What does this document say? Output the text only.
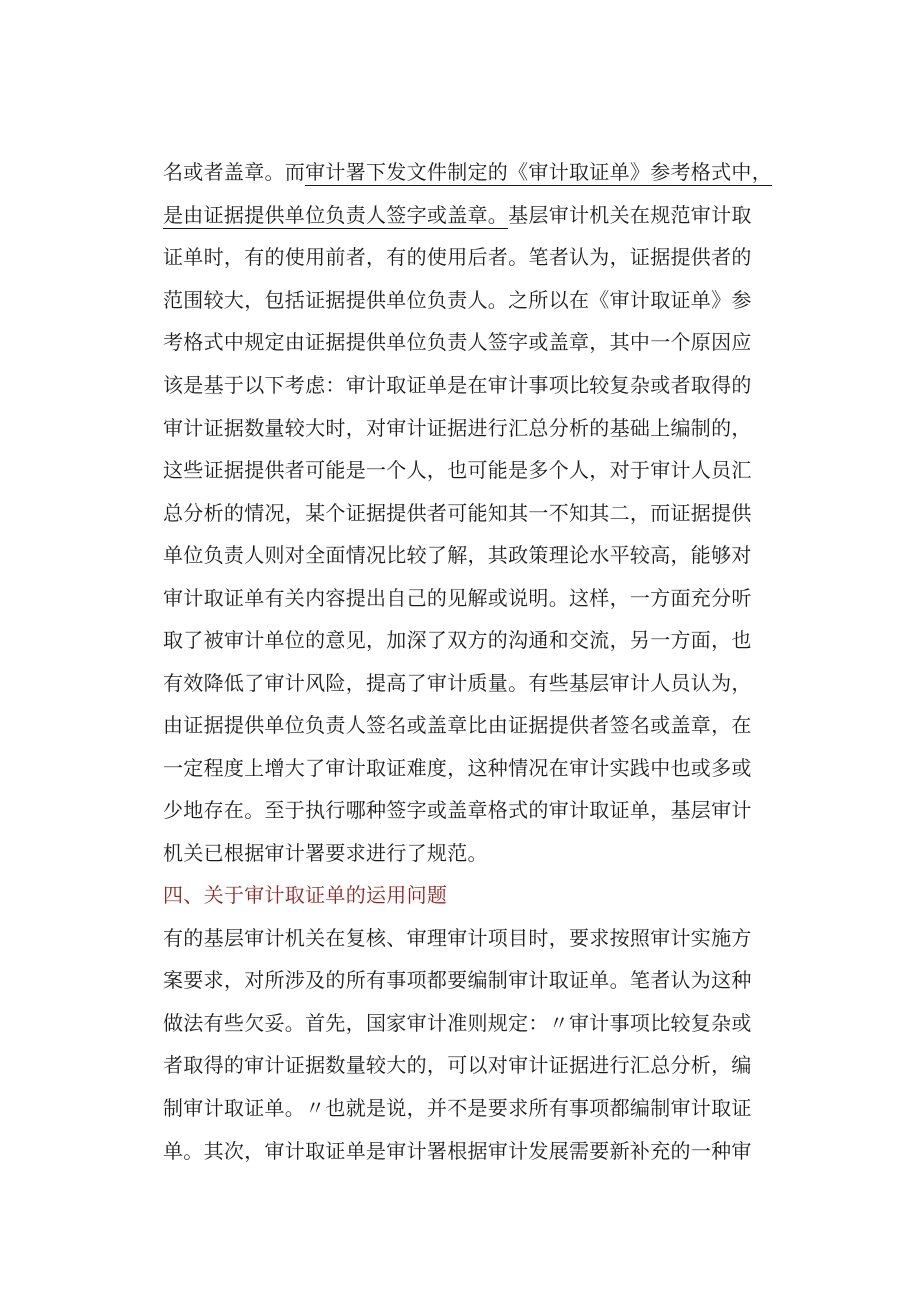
名或者盖章。而审计署下发文件制定的《审计取证单》参考格式中，
是由证据提供单位负责人签字或盖章。基层审计机关在规范审计取
证单时，有的使用前者，有的使用后者。笔者认为，证据提供者的
范围较大，包括证据提供单位负责人。之所以在《审计取证单》参
考格式中规定由证据提供单位负责人签字或盖章，其中一个原因应
该是基于以下考虑：审计取证单是在审计事项比较复杂或者取得的
审计证据数量较大时，对审计证据进行汇总分析的基础上编制的，
这些证据提供者可能是一个人，也可能是多个人，对于审计人员汇
总分析的情况，某个证据提供者可能知其一不知其二，而证据提供
单位负责人则对全面情况比较了解，其政策理论水平较高，能够对
审计取证单有关内容提出自己的见解或说明。这样，一方面充分听
取了被审计单位的意见，加深了双方的沟通和交流，另一方面，也
有效降低了审计风险，提高了审计质量。有些基层审计人员认为，
由证据提供单位负责人签名或盖章比由证据提供者签名或盖章，在
一定程度上增大了审计取证难度，这种情况在审计实践中也或多或
少地存在。至于执行哪种签字或盖章格式的审计取证单，基层审计
机关已根据审计署要求进行了规范。
四、关于审计取证单的运用问题
有的基层审计机关在复核、审理审计项目时，要求按照审计实施方
案要求，对所涉及的所有事项都要编制审计取证单。笔者认为这种
做法有些欠妥。首先，国家审计准则规定：〃审计事项比较复杂或
者取得的审计证据数量较大的，可以对审计证据进行汇总分析，编
制审计取证单。〃也就是说，并不是要求所有事项都编制审计取证
单。其次，审计取证单是审计署根据审计发展需要新补充的一种审
